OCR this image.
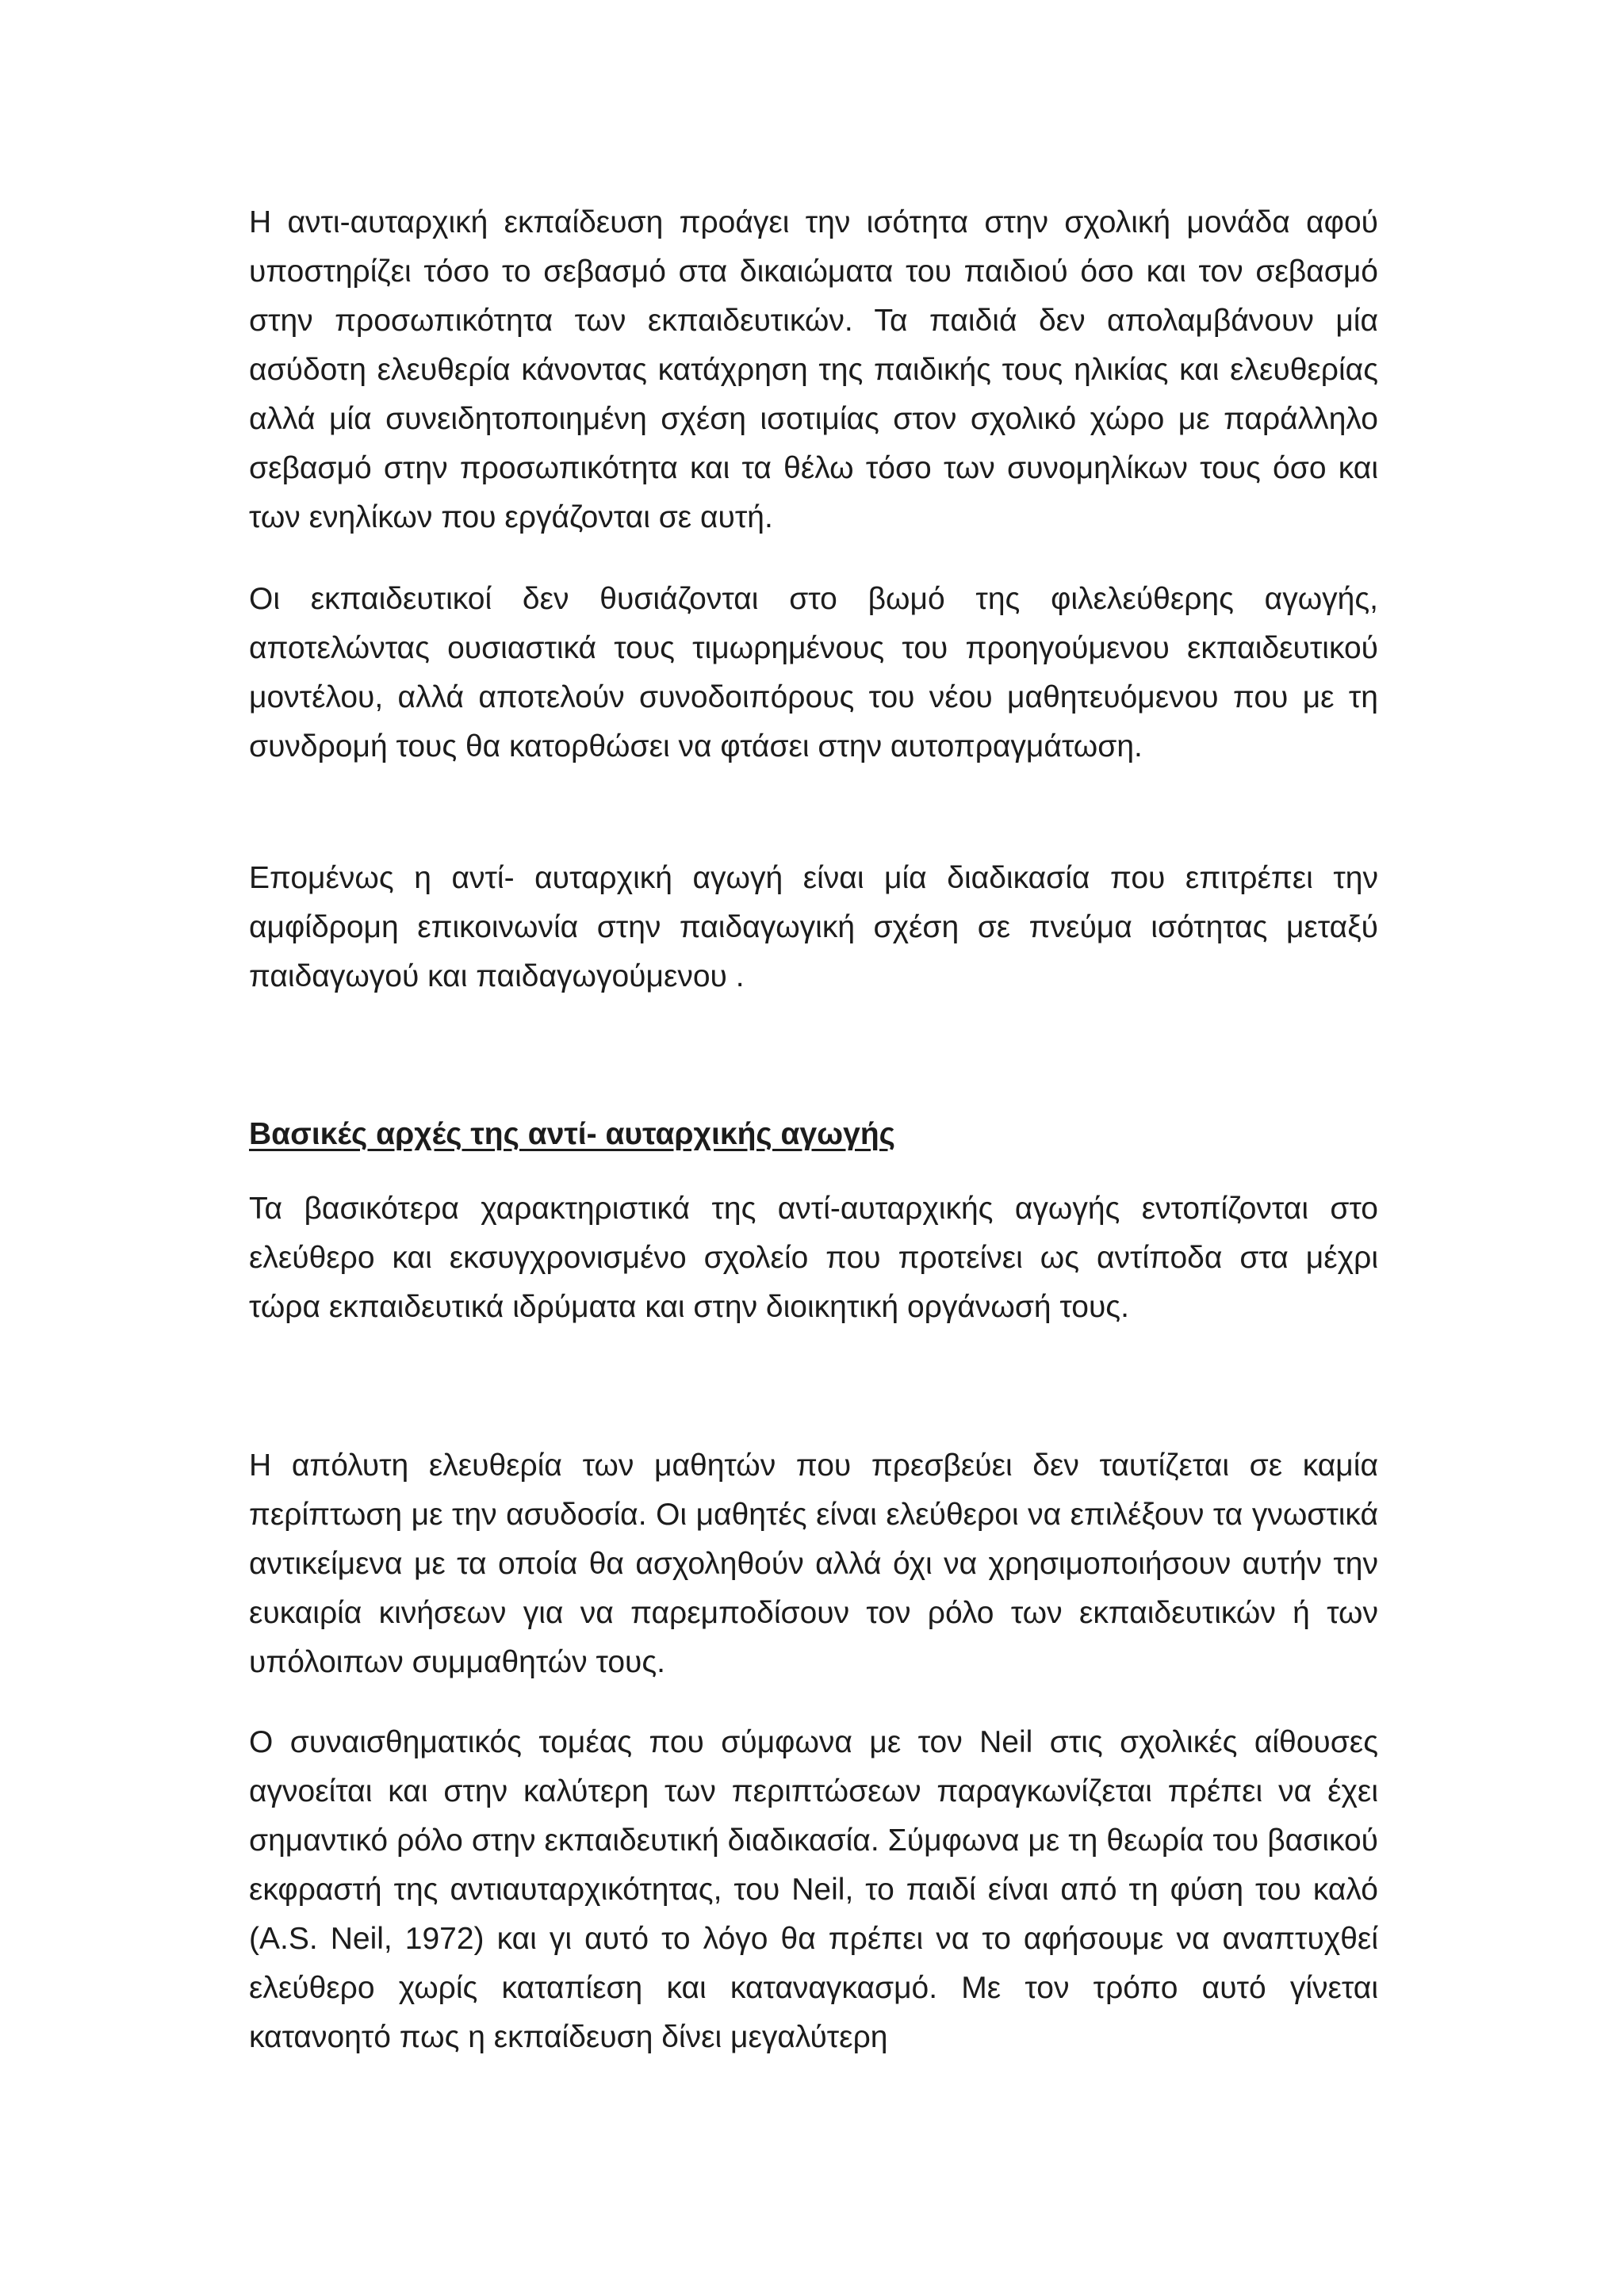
Η αντι-αυταρχική εκπαίδευση προάγει την ισότητα στην σχολική μονάδα αφού υποστηρίζει τόσο το σεβασμό στα δικαιώματα του παιδιού όσο και τον σεβασμό στην προσωπικότητα των εκπαιδευτικών. Τα παιδιά δεν απολαμβάνουν μία ασύδοτη ελευθερία κάνοντας κατάχρηση της παιδικής τους ηλικίας και ελευθερίας αλλά μία συνειδητοποιημένη σχέση ισοτιμίας στον σχολικό χώρο με παράλληλο σεβασμό στην προσωπικότητα και τα θέλω τόσο των συνομηλίκων τους όσο και των ενηλίκων που εργάζονται σε αυτή.

Οι εκπαιδευτικοί δεν θυσιάζονται στο βωμό της φιλελεύθερης αγωγής, αποτελώντας ουσιαστικά τους τιμωρημένους του προηγούμενου εκπαιδευτικού μοντέλου, αλλά αποτελούν συνοδοιπόρους του νέου μαθητευόμενου που με τη συνδρομή τους θα κατορθώσει να φτάσει στην αυτοπραγμάτωση.

Επομένως η αντί- αυταρχική αγωγή είναι μία διαδικασία που επιτρέπει την αμφίδρομη επικοινωνία στην παιδαγωγική σχέση σε πνεύμα ισότητας μεταξύ παιδαγωγού και παιδαγωγούμενου .

Βασικές αρχές της αντί- αυταρχικής αγωγής

Τα βασικότερα χαρακτηριστικά της αντί-αυταρχικής αγωγής εντοπίζονται στο ελεύθερο και εκσυγχρονισμένο σχολείο που προτείνει ως αντίποδα στα μέχρι τώρα εκπαιδευτικά ιδρύματα και στην διοικητική οργάνωσή τους.

Η απόλυτη ελευθερία των μαθητών που πρεσβεύει δεν ταυτίζεται σε καμία περίπτωση με την ασυδοσία. Οι μαθητές είναι ελεύθεροι να επιλέξουν τα γνωστικά αντικείμενα με τα οποία θα ασχοληθούν αλλά όχι να χρησιμοποιήσουν αυτήν την ευκαιρία κινήσεων για να παρεμποδίσουν τον ρόλο των εκπαιδευτικών ή των υπόλοιπων συμμαθητών τους.

Ο συναισθηματικός τομέας που σύμφωνα με τον Neil στις σχολικές αίθουσες αγνοείται και στην καλύτερη των περιπτώσεων παραγκωνίζεται πρέπει να έχει σημαντικό ρόλο στην εκπαιδευτική διαδικασία. Σύμφωνα με τη θεωρία του βασικού εκφραστή της αντιαυταρχικότητας, του Neil, το παιδί είναι από τη φύση του καλό (A.S. Neil, 1972) και γι αυτό το λόγο θα πρέπει να το αφήσουμε να αναπτυχθεί ελεύθερο χωρίς καταπίεση και καταναγκασμό. Με τον τρόπο αυτό γίνεται κατανοητό πως η εκπαίδευση δίνει μεγαλύτερη
